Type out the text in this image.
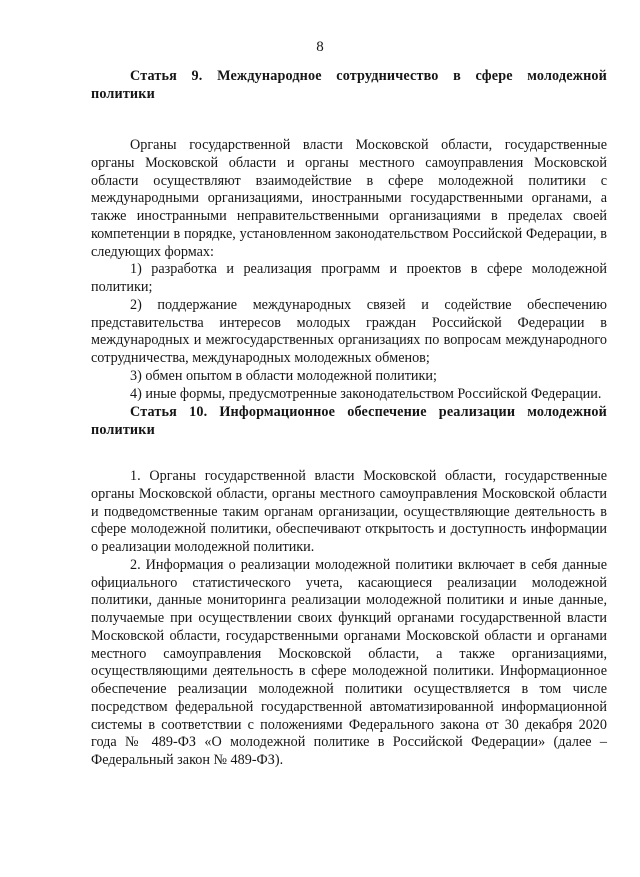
8

Статья 9. Международное сотрудничество в сфере молодежной политики

Органы государственной власти Московской области, государственные органы Московской области и органы местного самоуправления Московской области осуществляют взаимодействие в сфере молодежной политики с международными организациями, иностранными государственными органами, а также иностранными неправительственными организациями в пределах своей компетенции в порядке, установленном законодательством Российской Федерации, в следующих формах:

1) разработка и реализация программ и проектов в сфере молодежной политики;

2) поддержание международных связей и содействие обеспечению представительства интересов молодых граждан Российской Федерации в международных и межгосударственных организациях по вопросам международного сотрудничества, международных молодежных обменов;

3) обмен опытом в области молодежной политики;

4) иные формы, предусмотренные законодательством Российской Федерации.

Статья 10. Информационное обеспечение реализации молодежной политики

1. Органы государственной власти Московской области, государственные органы Московской области, органы местного самоуправления Московской области и подведомственные таким органам организации, осуществляющие деятельность в сфере молодежной политики, обеспечивают открытость и доступность информации о реализации молодежной политики.

2. Информация о реализации молодежной политики включает в себя данные официального статистического учета, касающиеся реализации молодежной политики, данные мониторинга реализации молодежной политики и иные данные, получаемые при осуществлении своих функций органами государственной власти Московской области, государственными органами Московской области и органами местного самоуправления Московской области, а также организациями, осуществляющими деятельность в сфере молодежной политики. Информационное обеспечение реализации молодежной политики осуществляется в том числе посредством федеральной государственной автоматизированной информационной системы в соответствии с положениями Федерального закона от 30 декабря 2020 года № 489-ФЗ «О молодежной политике в Российской Федерации» (далее – Федеральный закон № 489-ФЗ).
